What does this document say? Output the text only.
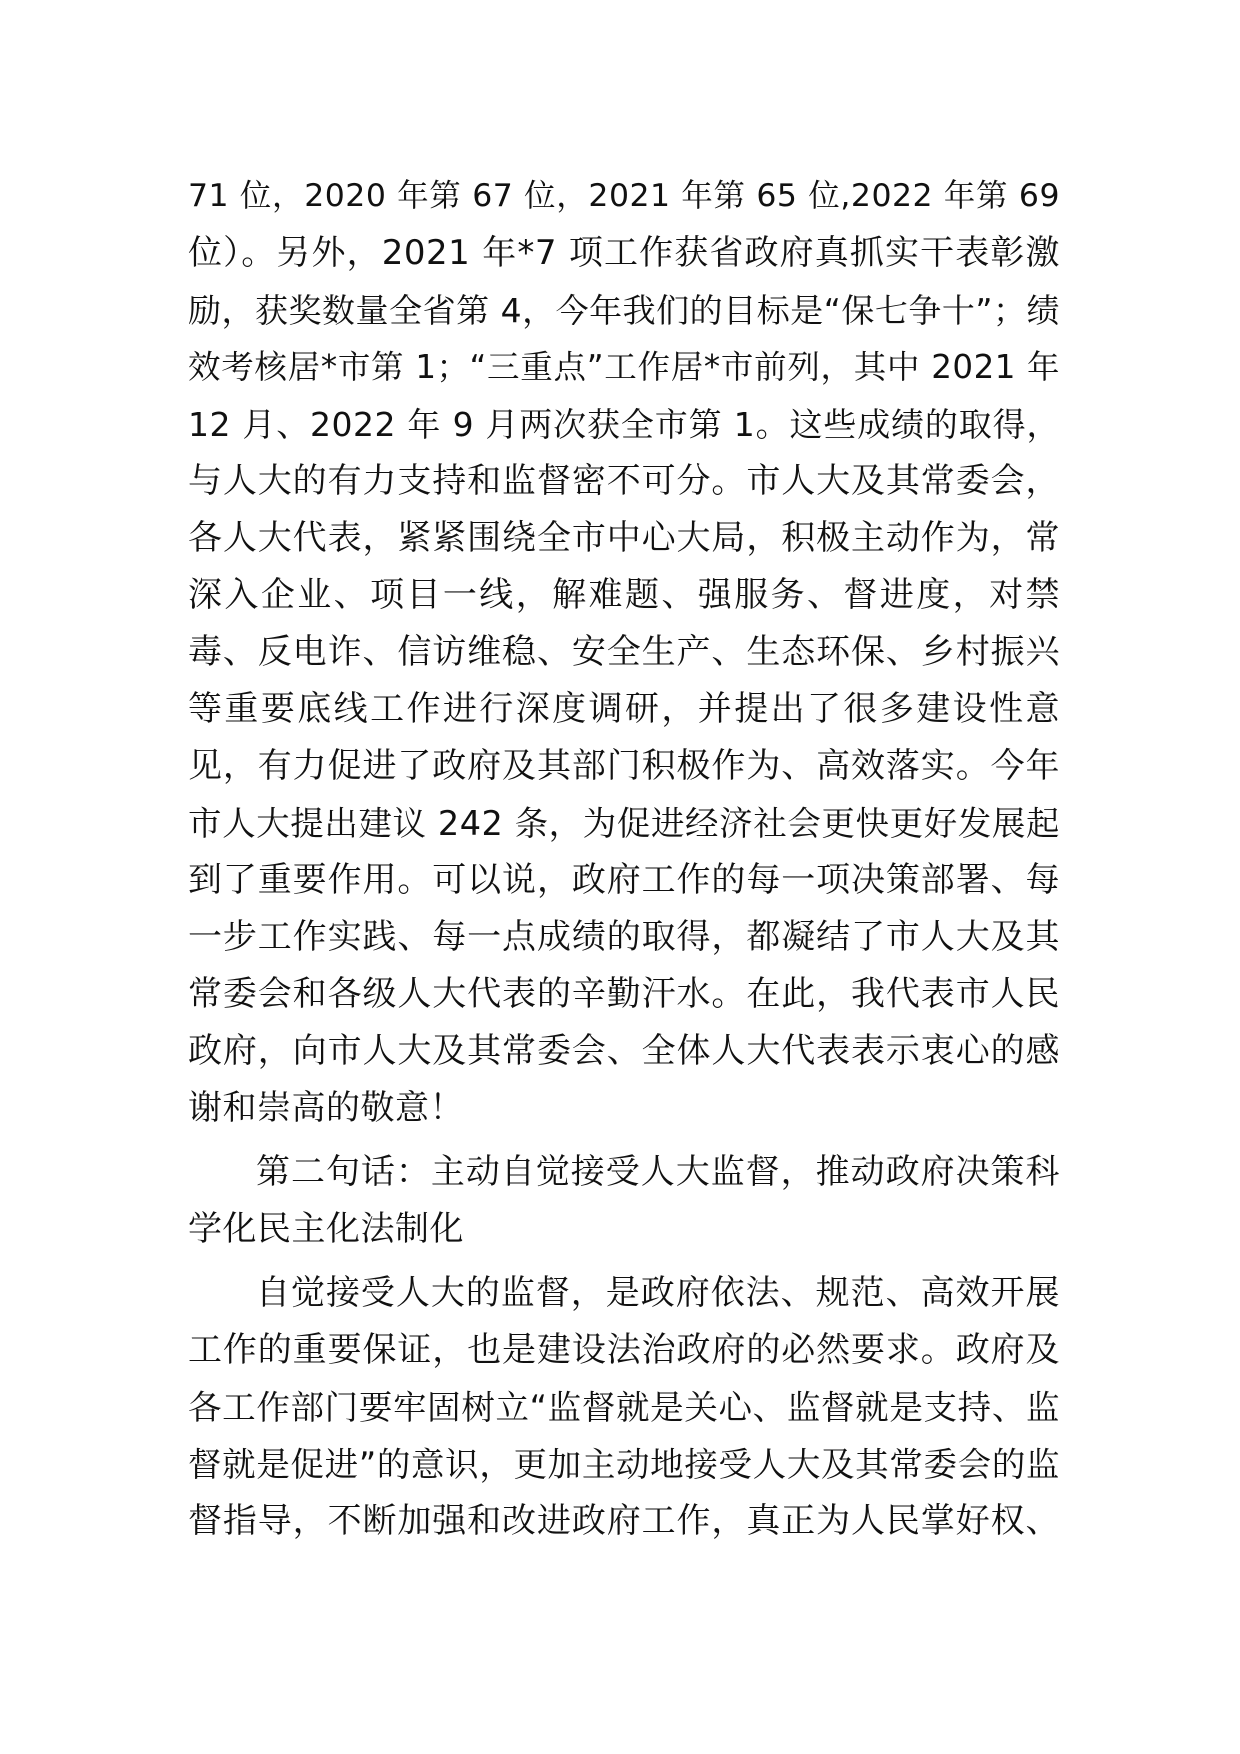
71 位，2020 年第 67 位，2021 年第 65 位,2022 年第 69
位）。另外，2021 年*7 项工作获省政府真抓实干表彰激
励，获奖数量全省第 4，今年我们的目标是“保七争十”；绩
效考核居*市第 1；“三重点”工作居*市前列，其中 2021 年
12 月、2022 年 9 月两次获全市第 1。这些成绩的取得，
与人大的有力支持和监督密不可分。市人大及其常委会，
各人大代表，紧紧围绕全市中心大局，积极主动作为，常
深入企业、项目一线，解难题、强服务、督进度，对禁
毒、反电诈、信访维稳、安全生产、生态环保、乡村振兴
等重要底线工作进行深度调研，并提出了很多建设性意
见，有力促进了政府及其部门积极作为、高效落实。今年
市人大提出建议 242 条，为促进经济社会更快更好发展起
到了重要作用。可以说，政府工作的每一项决策部署、每
一步工作实践、每一点成绩的取得，都凝结了市人大及其
常委会和各级人大代表的辛勤汗水。在此，我代表市人民
政府，向市人大及其常委会、全体人大代表表示衷心的感
谢和崇高的敬意！
第二句话：主动自觉接受人大监督，推动政府决策科
学化民主化法制化
自觉接受人大的监督，是政府依法、规范、高效开展
工作的重要保证，也是建设法治政府的必然要求。政府及
各工作部门要牢固树立“监督就是关心、监督就是支持、监
督就是促进”的意识，更加主动地接受人大及其常委会的监
督指导，不断加强和改进政府工作，真正为人民掌好权、
